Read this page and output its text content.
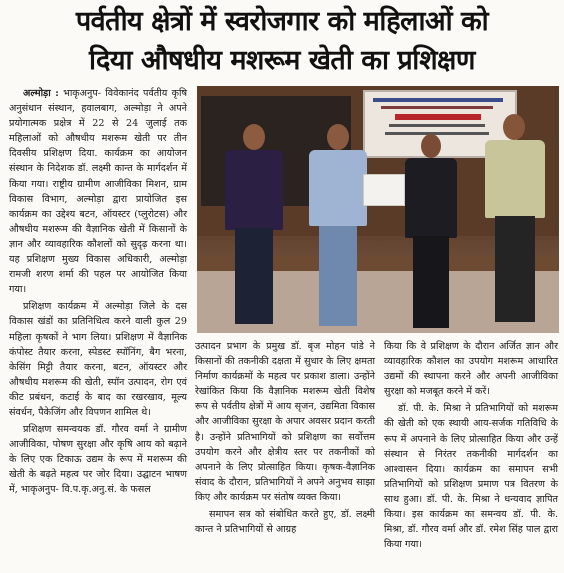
पर्वतीय क्षेत्रों में स्वरोजगार को महिलाओं को
दिया औषधीय मशरूम खेती का प्रशिक्षण

अल्मोड़ा : भाकृअनुप- विवेकानंद पर्वतीय कृषि अनुसंधान संस्थान, हवालबाग, अल्मोड़ा ने अपने प्रयोगात्मक प्रक्षेत्र में 22 से 24 जुलाई तक महिलाओं को औषधीय मशरूम खेती पर तीन दिवसीय प्रशिक्षण दिया. कार्यक्रम का आयोजन संस्थान के निदेशक डॉ. लक्ष्मी कान्त के मार्गदर्शन में किया गया। राष्ट्रीय ग्रामीण आजीविका मिशन, ग्राम विकास विभाग, अल्मोड़ा द्वारा प्रायोजित इस कार्यक्रम का उद्देश्य बटन, ऑयस्टर (प्लुरोटस) और औषधीय मशरूम की वैज्ञानिक खेती में किसानों के ज्ञान और व्यावहारिक कौशलों को सुदृढ़ करना था। यह प्रशिक्षण मुख्य विकास अधिकारी, अल्मोड़ा रामजी शरण शर्मा की पहल पर आयोजित किया गया।

प्रशिक्षण कार्यक्रम में अल्मोड़ा जिले के दस विकास खंडों का प्रतिनिधित्व करने वाली कुल 29 महिला कृषकों ने भाग लिया। प्रशिक्षण में वैज्ञानिक कंपोस्ट तैयार करना, स्पेडस्ट स्पॉनिंग, बैग भरना, केसिंग मिट्टी तैयार करना, बटन, ऑयस्टर और औषधीय मशरूम की खेती, स्पॉन उत्पादन, रोग एवं कीट प्रबंधन, कटाई के बाद का रखरखाव, मूल्य संवर्धन, पैकेजिंग और विपणन शामिल थे।

प्रशिक्षण समन्वयक डॉ. गौरव वर्मा ने ग्रामीण आजीविका, पोषण सुरक्षा और कृषि आय को बढ़ाने के लिए एक टिकाऊ उद्यम के रूप में मशरूम की खेती के बढ़ते महत्व पर जोर दिया। उद्घाटन भाषण में, भाकृअनुप- वि.प.कृ.अनु.सं. के फसल

उत्पादन प्रभाग के प्रमुख डॉ. बृज मोहन पांडे ने किसानों की तकनीकी दक्षता में सुधार के लिए क्षमता निर्माण कार्यक्रमों के महत्व पर प्रकाश डाला। उन्होंने रेखांकित किया कि वैज्ञानिक मशरूम खेती विशेष रूप से पर्वतीय क्षेत्रों में आय सृजन, उद्यमिता विकास और आजीविका सुरक्षा के अपार अवसर प्रदान करती है। उन्होंने प्रतिभागियों को प्रशिक्षण का सर्वोत्तम उपयोग करने और क्षेत्रीय स्तर पर तकनीकों को अपनाने के लिए प्रोत्साहित किया। कृषक-वैज्ञानिक संवाद के दौरान, प्रतिभागियों ने अपने अनुभव साझा किए और कार्यक्रम पर संतोष व्यक्त किया।

समापन सत्र को संबोधित करते हुए, डॉ. लक्ष्मी कान्त ने प्रतिभागियों से आग्रह

किया कि वे प्रशिक्षण के दौरान अर्जित ज्ञान और व्यावहारिक कौशल का उपयोग मशरूम आधारित उद्यमों की स्थापना करने और अपनी आजीविका सुरक्षा को मजबूत करने में करें।

डॉ. पी. के. मिश्रा ने प्रतिभागियों को मशरूम की खेती को एक स्थायी आय-सर्जक गतिविधि के रूप में अपनाने के लिए प्रोत्साहित किया और उन्हें संस्थान से निरंतर तकनीकी मार्गदर्शन का आश्वासन दिया। कार्यक्रम का समापन सभी प्रतिभागियों को प्रशिक्षण प्रमाण पत्र वितरण के साथ हुआ। डॉ. पी. के. मिश्रा ने धन्यवाद ज्ञापित किया। इस कार्यक्रम का समन्वय डॉ. पी. के. मिश्रा, डॉ. गौरव वर्मा और डॉ. रमेश सिंह पाल द्वारा किया गया।
